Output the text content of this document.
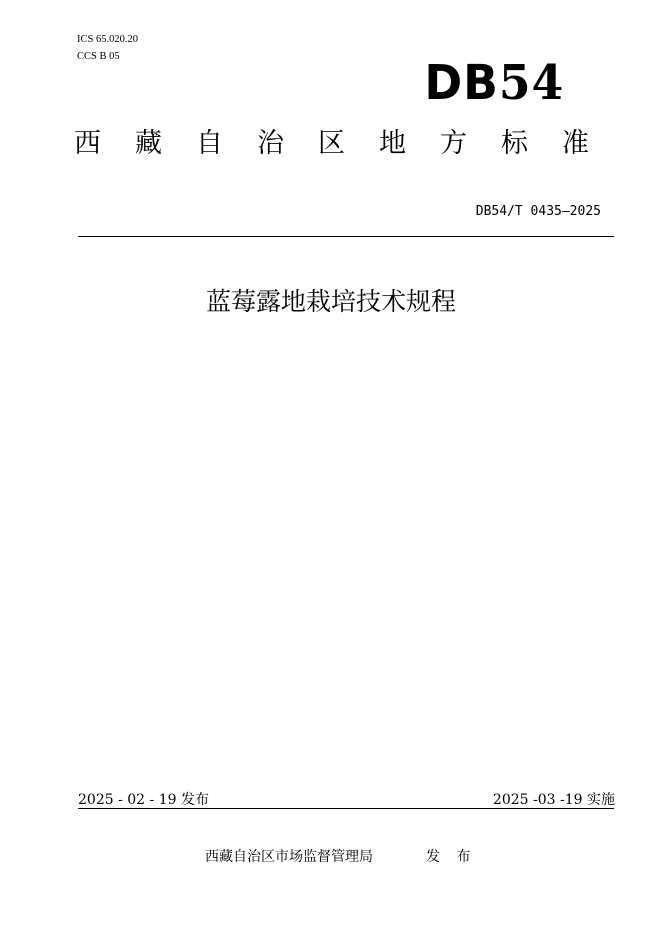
ICS 65.020.20
CCS B 05	DB54
西 藏 自 治 区 地 方 标 准
DB54/T 0435—2025
蓝莓露地栽培技术规程
2025 - 02 - 19 发布	2025 -03 -19 实施
西藏自治区市场监督管理局	发 布
